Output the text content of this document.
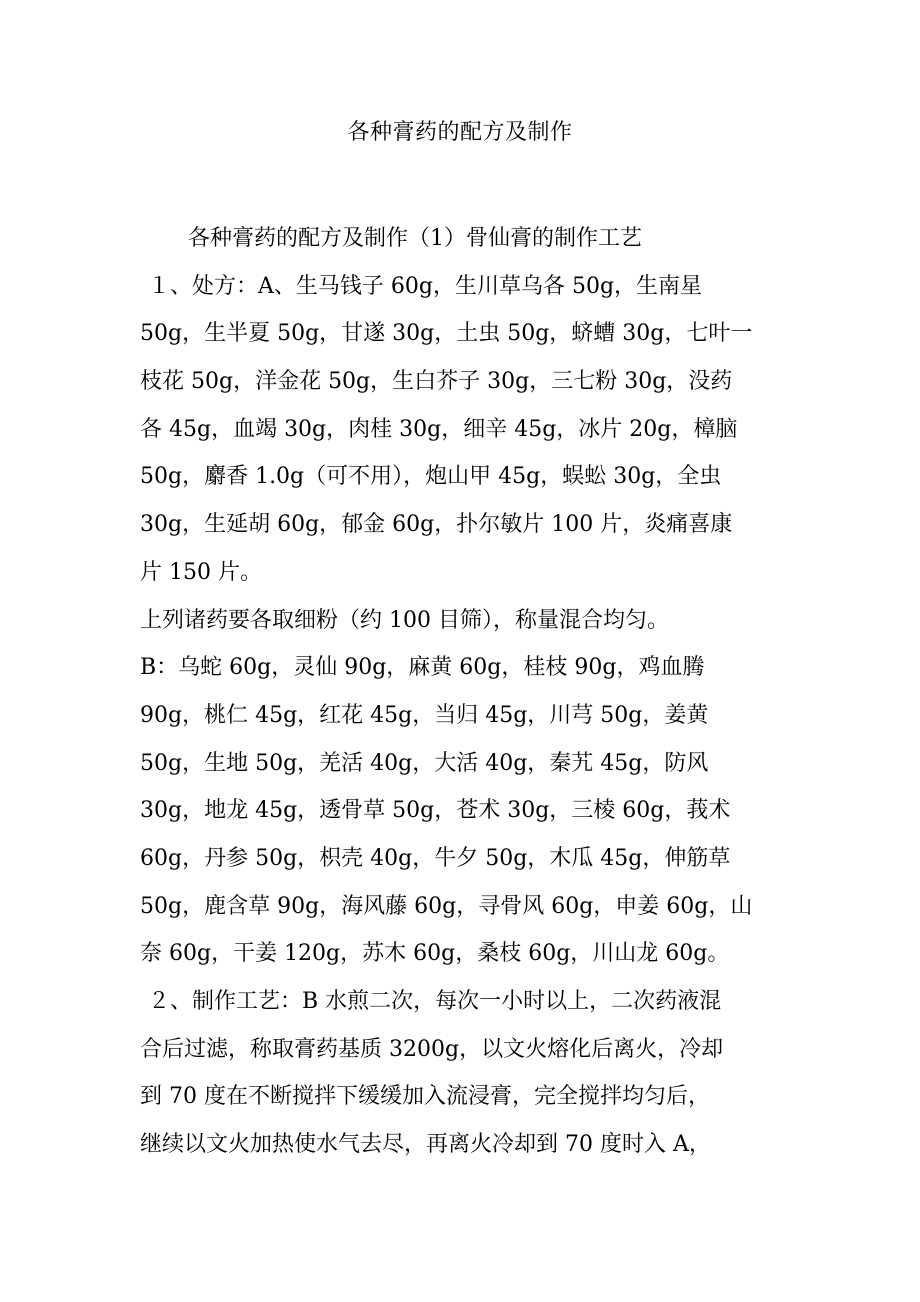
各种膏药的配方及制作
各种膏药的配方及制作（1）骨仙膏的制作工艺
１、处方：A、生马钱子 60g，生川草乌各 50g，生南星
50g，生半夏 50g，甘遂 30g，土虫 50g，蛴螬 30g，七叶一
枝花 50g，洋金花 50g，生白芥子 30g，三七粉 30g，没药
各 45g，血竭 30g，肉桂 30g，细辛 45g，冰片 20g，樟脑
50g，麝香 1.0g（可不用），炮山甲 45g，蜈蚣 30g，全虫
30g，生延胡 60g，郁金 60g，扑尔敏片 100 片，炎痛喜康
片 150 片。
上列诸药要各取细粉（约 100 目筛），称量混合均匀。
B：乌蛇 60g，灵仙 90g，麻黄 60g，桂枝 90g，鸡血腾
90g，桃仁 45g，红花 45g，当归 45g，川芎 50g，姜黄
50g，生地 50g，羌活 40g，大活 40g，秦艽 45g，防风
30g，地龙 45g，透骨草 50g，苍术 30g，三棱 60g，莪术
60g，丹参 50g，枳壳 40g，牛夕 50g，木瓜 45g，伸筋草
50g，鹿含草 90g，海风藤 60g，寻骨风 60g，申姜 60g，山
奈 60g，干姜 120g，苏木 60g，桑枝 60g，川山龙 60g。
２、制作工艺：B 水煎二次，每次一小时以上，二次药液混
合后过滤，称取膏药基质 3200g，以文火熔化后离火，冷却
到 70 度在不断搅拌下缓缓加入流浸膏，完全搅拌均匀后，
继续以文火加热使水气去尽，再离火冷却到 70 度时入 A，
